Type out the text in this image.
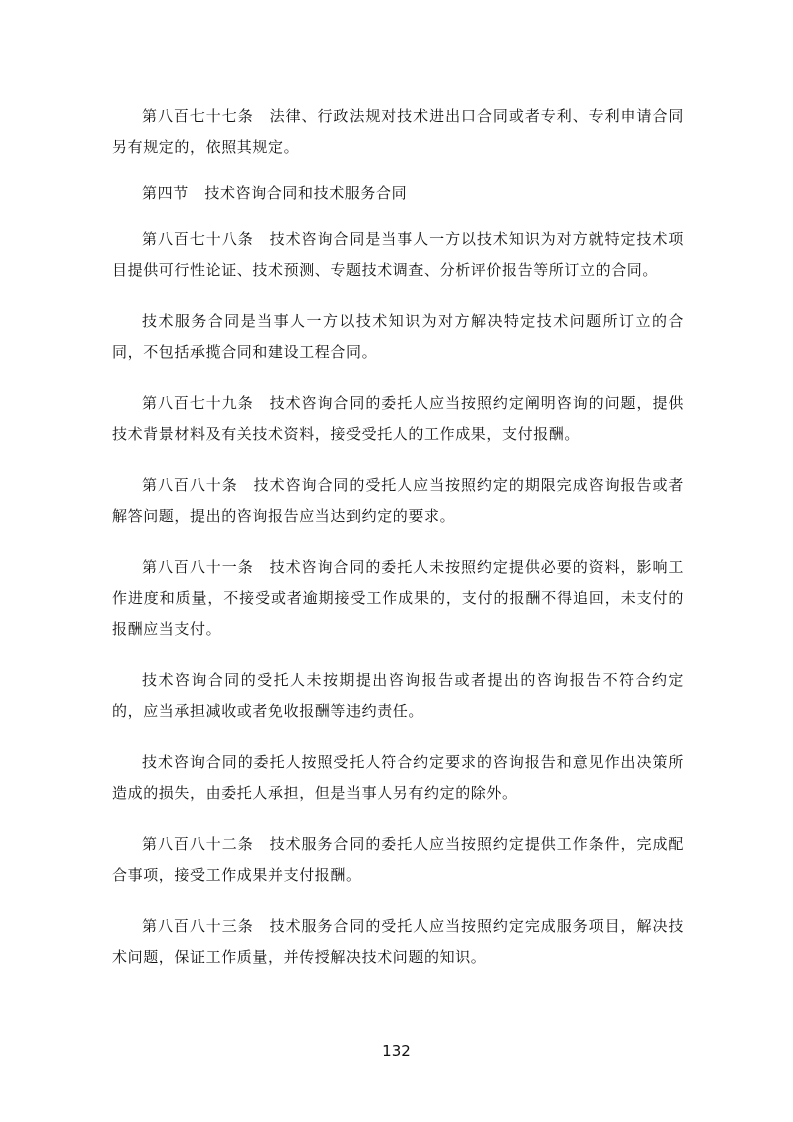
第八百七十七条　法律、行政法规对技术进出口合同或者专利、专利申请合同另有规定的，依照其规定。

第四节　技术咨询合同和技术服务合同

第八百七十八条　技术咨询合同是当事人一方以技术知识为对方就特定技术项目提供可行性论证、技术预测、专题技术调查、分析评价报告等所订立的合同。

技术服务合同是当事人一方以技术知识为对方解决特定技术问题所订立的合同，不包括承揽合同和建设工程合同。

第八百七十九条　技术咨询合同的委托人应当按照约定阐明咨询的问题，提供技术背景材料及有关技术资料，接受受托人的工作成果，支付报酬。

第八百八十条　技术咨询合同的受托人应当按照约定的期限完成咨询报告或者解答问题，提出的咨询报告应当达到约定的要求。

第八百八十一条　技术咨询合同的委托人未按照约定提供必要的资料，影响工作进度和质量，不接受或者逾期接受工作成果的，支付的报酬不得追回，未支付的报酬应当支付。

技术咨询合同的受托人未按期提出咨询报告或者提出的咨询报告不符合约定的，应当承担减收或者免收报酬等违约责任。

技术咨询合同的委托人按照受托人符合约定要求的咨询报告和意见作出决策所造成的损失，由委托人承担，但是当事人另有约定的除外。

第八百八十二条　技术服务合同的委托人应当按照约定提供工作条件，完成配合事项，接受工作成果并支付报酬。

第八百八十三条　技术服务合同的受托人应当按照约定完成服务项目，解决技术问题，保证工作质量，并传授解决技术问题的知识。

132
